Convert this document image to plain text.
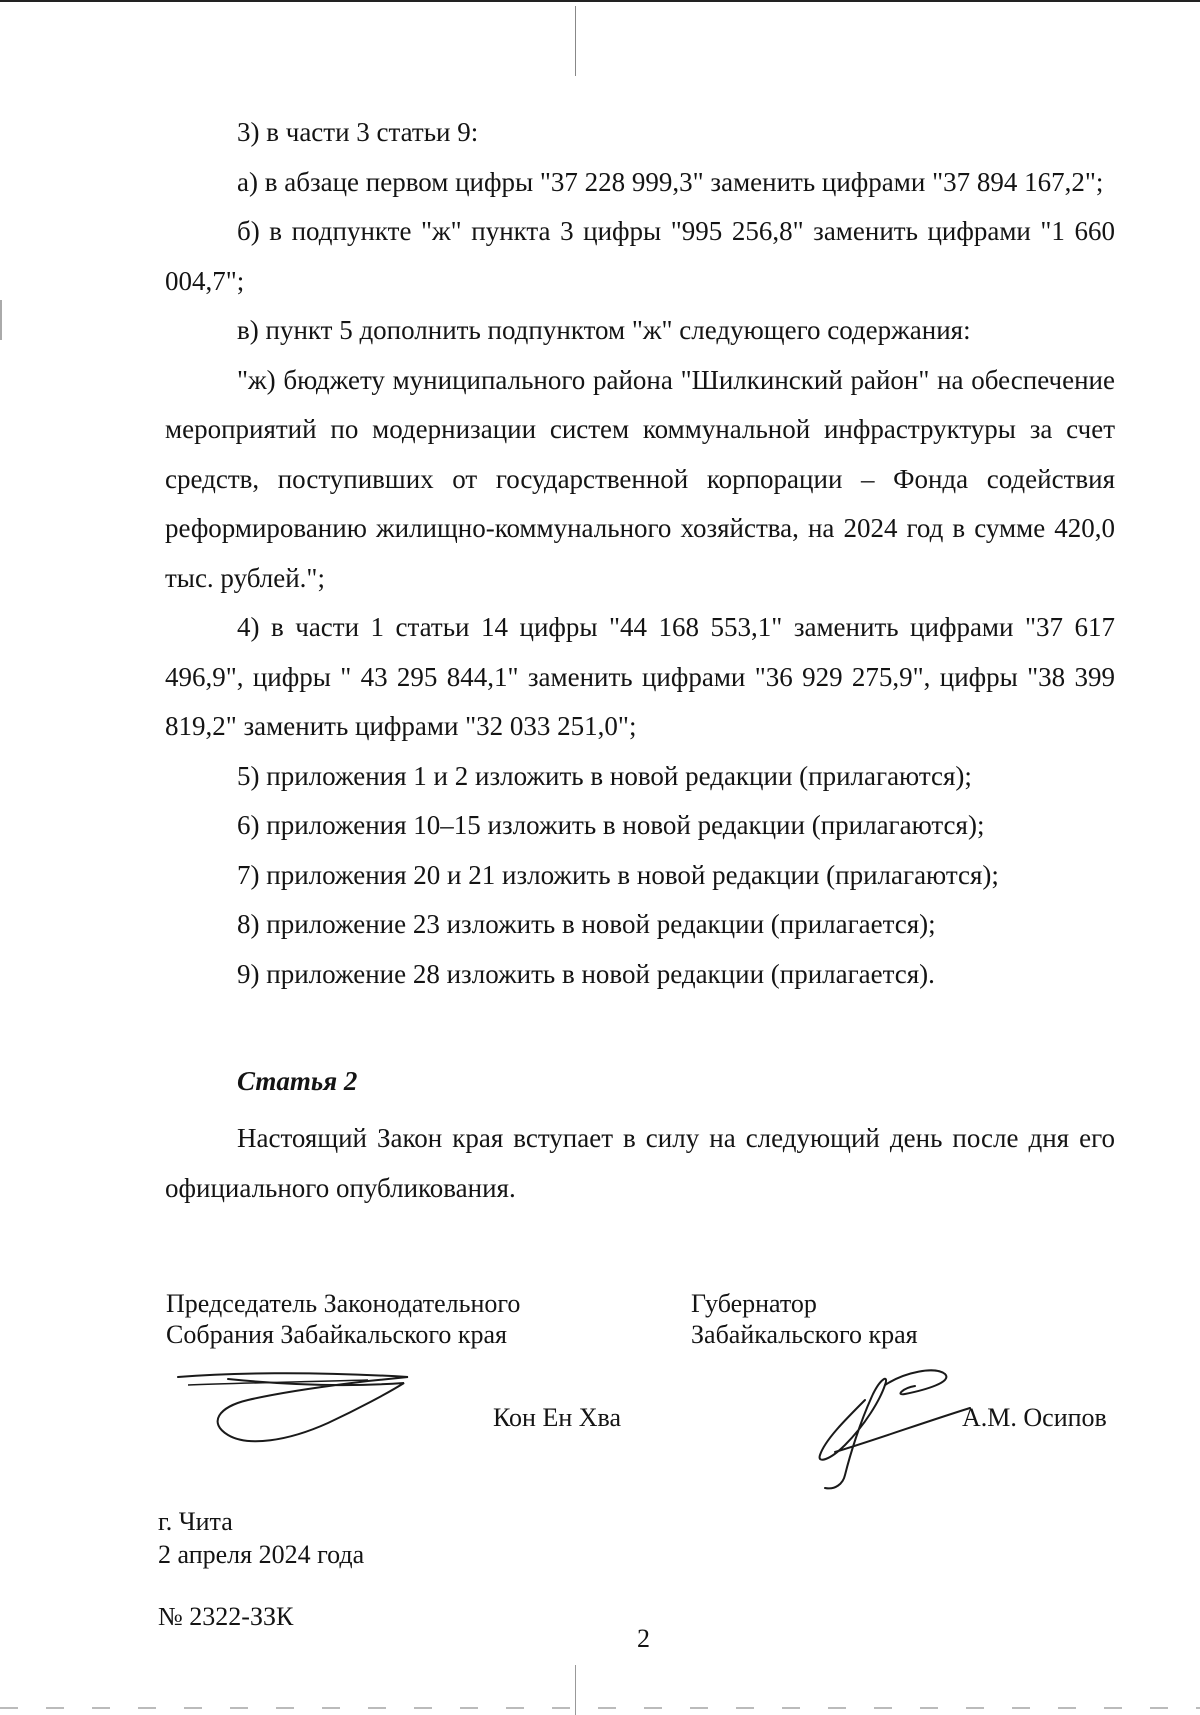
3) в части 3 статьи 9:

а) в абзаце первом цифры "37 228 999,3" заменить цифрами "37 894 167,2";

б) в подпункте "ж" пункта 3 цифры "995 256,8" заменить цифрами "1 660 004,7";

в) пункт 5 дополнить подпунктом "ж" следующего содержания:

"ж) бюджету муниципального района "Шилкинский район" на обеспечение мероприятий по модернизации систем коммунальной инфраструктуры за счет средств, поступивших от государственной корпорации – Фонда содействия реформированию жилищно-коммунального хозяйства, на 2024 год в сумме 420,0 тыс. рублей.";

4) в части 1 статьи 14 цифры "44 168 553,1" заменить цифрами "37 617 496,9", цифры " 43 295 844,1" заменить цифрами "36 929 275,9", цифры "38 399 819,2" заменить цифрами "32 033 251,0";

5) приложения 1 и 2 изложить в новой редакции (прилагаются);

6) приложения 10–15 изложить в новой редакции (прилагаются);

7) приложения 20 и 21 изложить в новой редакции (прилагаются);

8) приложение 23 изложить в новой редакции (прилагается);

9) приложение 28 изложить в новой редакции (прилагается).

Статья 2

Настоящий Закон края вступает в силу на следующий день после дня его официального опубликования.

Председатель Законодательного
Собрания Забайкальского края
Губернатор
Забайкальского края
Кон Ен Хва	А.М. Осипов
г. Чита
2 апреля 2024 года
№ 2322-ЗЗК
2
